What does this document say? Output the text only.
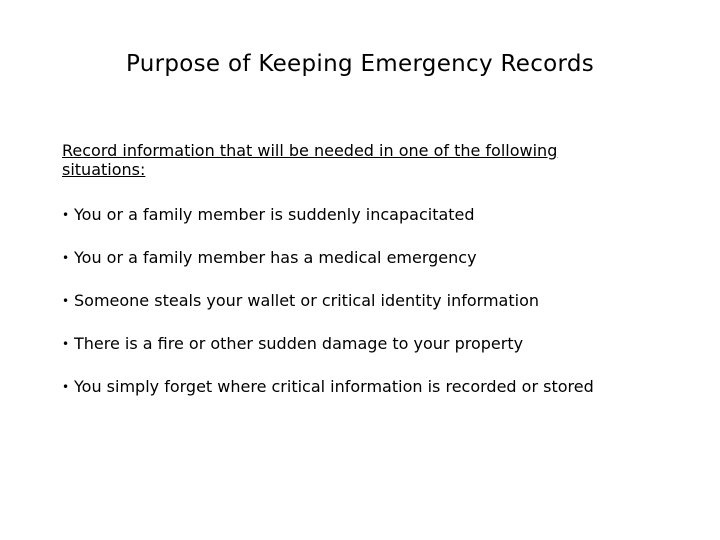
Purpose of Keeping Emergency Records
Record information that will be needed in one of the following situations:
• You or a family member is suddenly incapacitated
• You or a family member has a medical emergency
• Someone steals your wallet or critical identity information
• There is a fire or other sudden damage to your property
• You simply forget where critical information is recorded or stored
